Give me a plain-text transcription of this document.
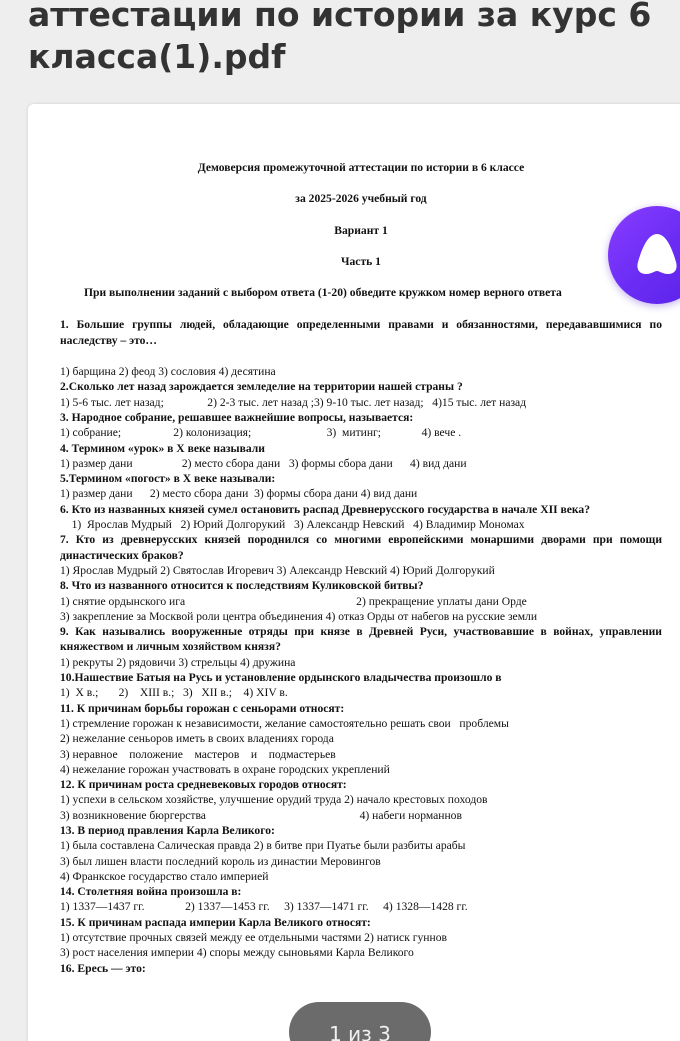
аттестации по истории за курс 6 класса(1).pdf
Демоверсия промежуточной аттестации по истории в 6 классе
за 2025-2026 учебный год
Вариант 1
Часть 1
При выполнении заданий с выбором ответа (1-20) обведите кружком номер верного ответа
1. Большие группы людей, обладающие определенными правами и обязанностями, передававшимися по наследству – это…
1) барщина 2) феод 3) сословия 4) десятина
2.Сколько лет назад зарождается земледелие на территории нашей страны ?
1) 5-6 тыс. лет назад;               2) 2-3 тыс. лет назад ;3) 9-10 тыс. лет назад;   4)15 тыс. лет назад
3. Народное собрание, решавшее важнейшие вопросы, называется:
1) собрание;                  2) колонизация;                          3)  митинг;              4) вече .
4. Термином «урок» в X веке называли
1) размер дани                 2) место сбора дани   3) формы сбора дани      4) вид дани
5.Термином «погост» в X веке называли:
1) размер дани      2) место сбора дани  3) формы сбора дани 4) вид дани
6. Кто из названных князей сумел остановить распад Древнерусского государства в начале XII века?
1)  Ярослав Мудрый   2) Юрий Долгорукий   3) Александр Невский   4) Владимир Мономах
7. Кто из древнерусских князей породнился со многими европейскими монаршими дворами при помощи династических браков?
1) Ярослав Мудрый 2) Святослав Игоревич 3) Александр Невский 4) Юрий Долгорукий
8. Что из названного относится к последствиям Куликовской битвы?
1) снятие ордынского ига                                                           2) прекращение уплаты дани Орде
3) закрепление за Москвой роли центра объединения 4) отказ Орды от набегов на русские земли
9. Как назывались вооруженные отряды при князе в Древней Руси, участвовавшие в войнах, управлении княжеством и личным хозяйством князя?
1) рекруты 2) рядовичи 3) стрельцы 4) дружина
10.Нашествие Батыя на Русь и установление ордынского владычества произошло в
1)  X в.;       2)    XIII в.;   3)   XII в.;    4) XIV в.
11. К причинам борьбы горожан с сеньорами относят:
1) стремление горожан к независимости, желание самостоятельно решать свои   проблемы
2) нежелание сеньоров иметь в своих владениях города
3) неравное    положение    мастеров    и    подмастерьев
4) нежелание горожан участвовать в охране городских укреплений
12. К причинам роста средневековых городов относят:
1) успехи в сельском хозяйстве, улучшение орудий труда 2) начало крестовых походов
3) возникновение бюргерства                                                     4) набеги норманнов
13. В период правления Карла Великого:
1) была составлена Салическая правда 2) в битве при Пуатье были разбиты арабы
3) был лишен власти последний король из династии Меровингов
4) Франкское государство стало империей
14. Столетняя война произошла в:
1) 1337—1437 гг.              2) 1337—1453 гг.     3) 1337—1471 гг.     4) 1328—1428 гг.
15. К причинам распада империи Карла Великого относят:
1) отсутствие прочных связей между ее отдельными частями 2) натиск гуннов
3) рост населения империи 4) споры между сыновьями Карла Великого
16. Ересь — это:
1 из 3
